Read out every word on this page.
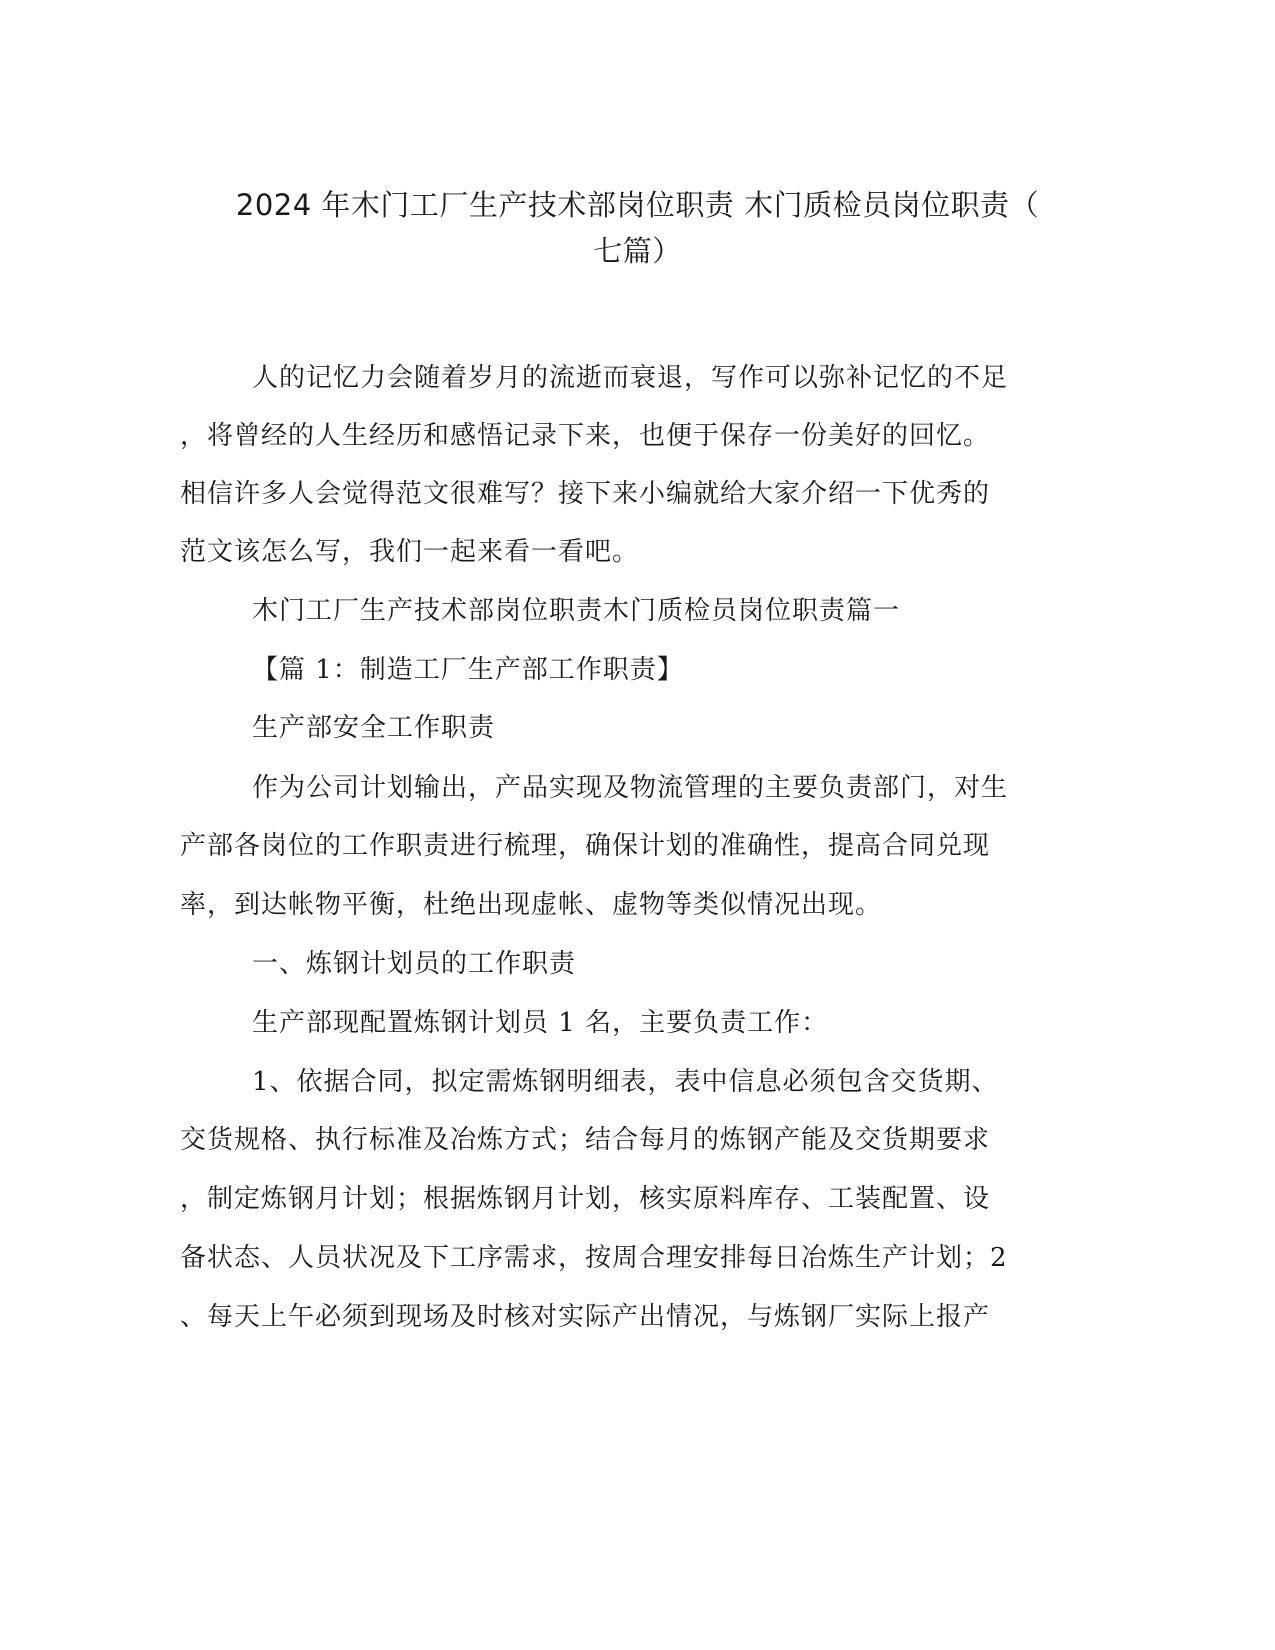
2024 年木门工厂生产技术部岗位职责 木门质检员岗位职责（
七篇）
人的记忆力会随着岁月的流逝而衰退，写作可以弥补记忆的不足
，将曾经的人生经历和感悟记录下来，也便于保存一份美好的回忆。
相信许多人会觉得范文很难写？接下来小编就给大家介绍一下优秀的
范文该怎么写，我们一起来看一看吧。
木门工厂生产技术部岗位职责木门质检员岗位职责篇一
【篇 1：制造工厂生产部工作职责】
生产部安全工作职责
作为公司计划输出，产品实现及物流管理的主要负责部门，对生
产部各岗位的工作职责进行梳理，确保计划的准确性，提高合同兑现
率，到达帐物平衡，杜绝出现虚帐、虚物等类似情况出现。
一、炼钢计划员的工作职责
生产部现配置炼钢计划员 1 名，主要负责工作：
1、依据合同，拟定需炼钢明细表，表中信息必须包含交货期、
交货规格、执行标准及冶炼方式；结合每月的炼钢产能及交货期要求
，制定炼钢月计划；根据炼钢月计划，核实原料库存、工装配置、设
备状态、人员状况及下工序需求，按周合理安排每日冶炼生产计划；2
、每天上午必须到现场及时核对实际产出情况，与炼钢厂实际上报产
